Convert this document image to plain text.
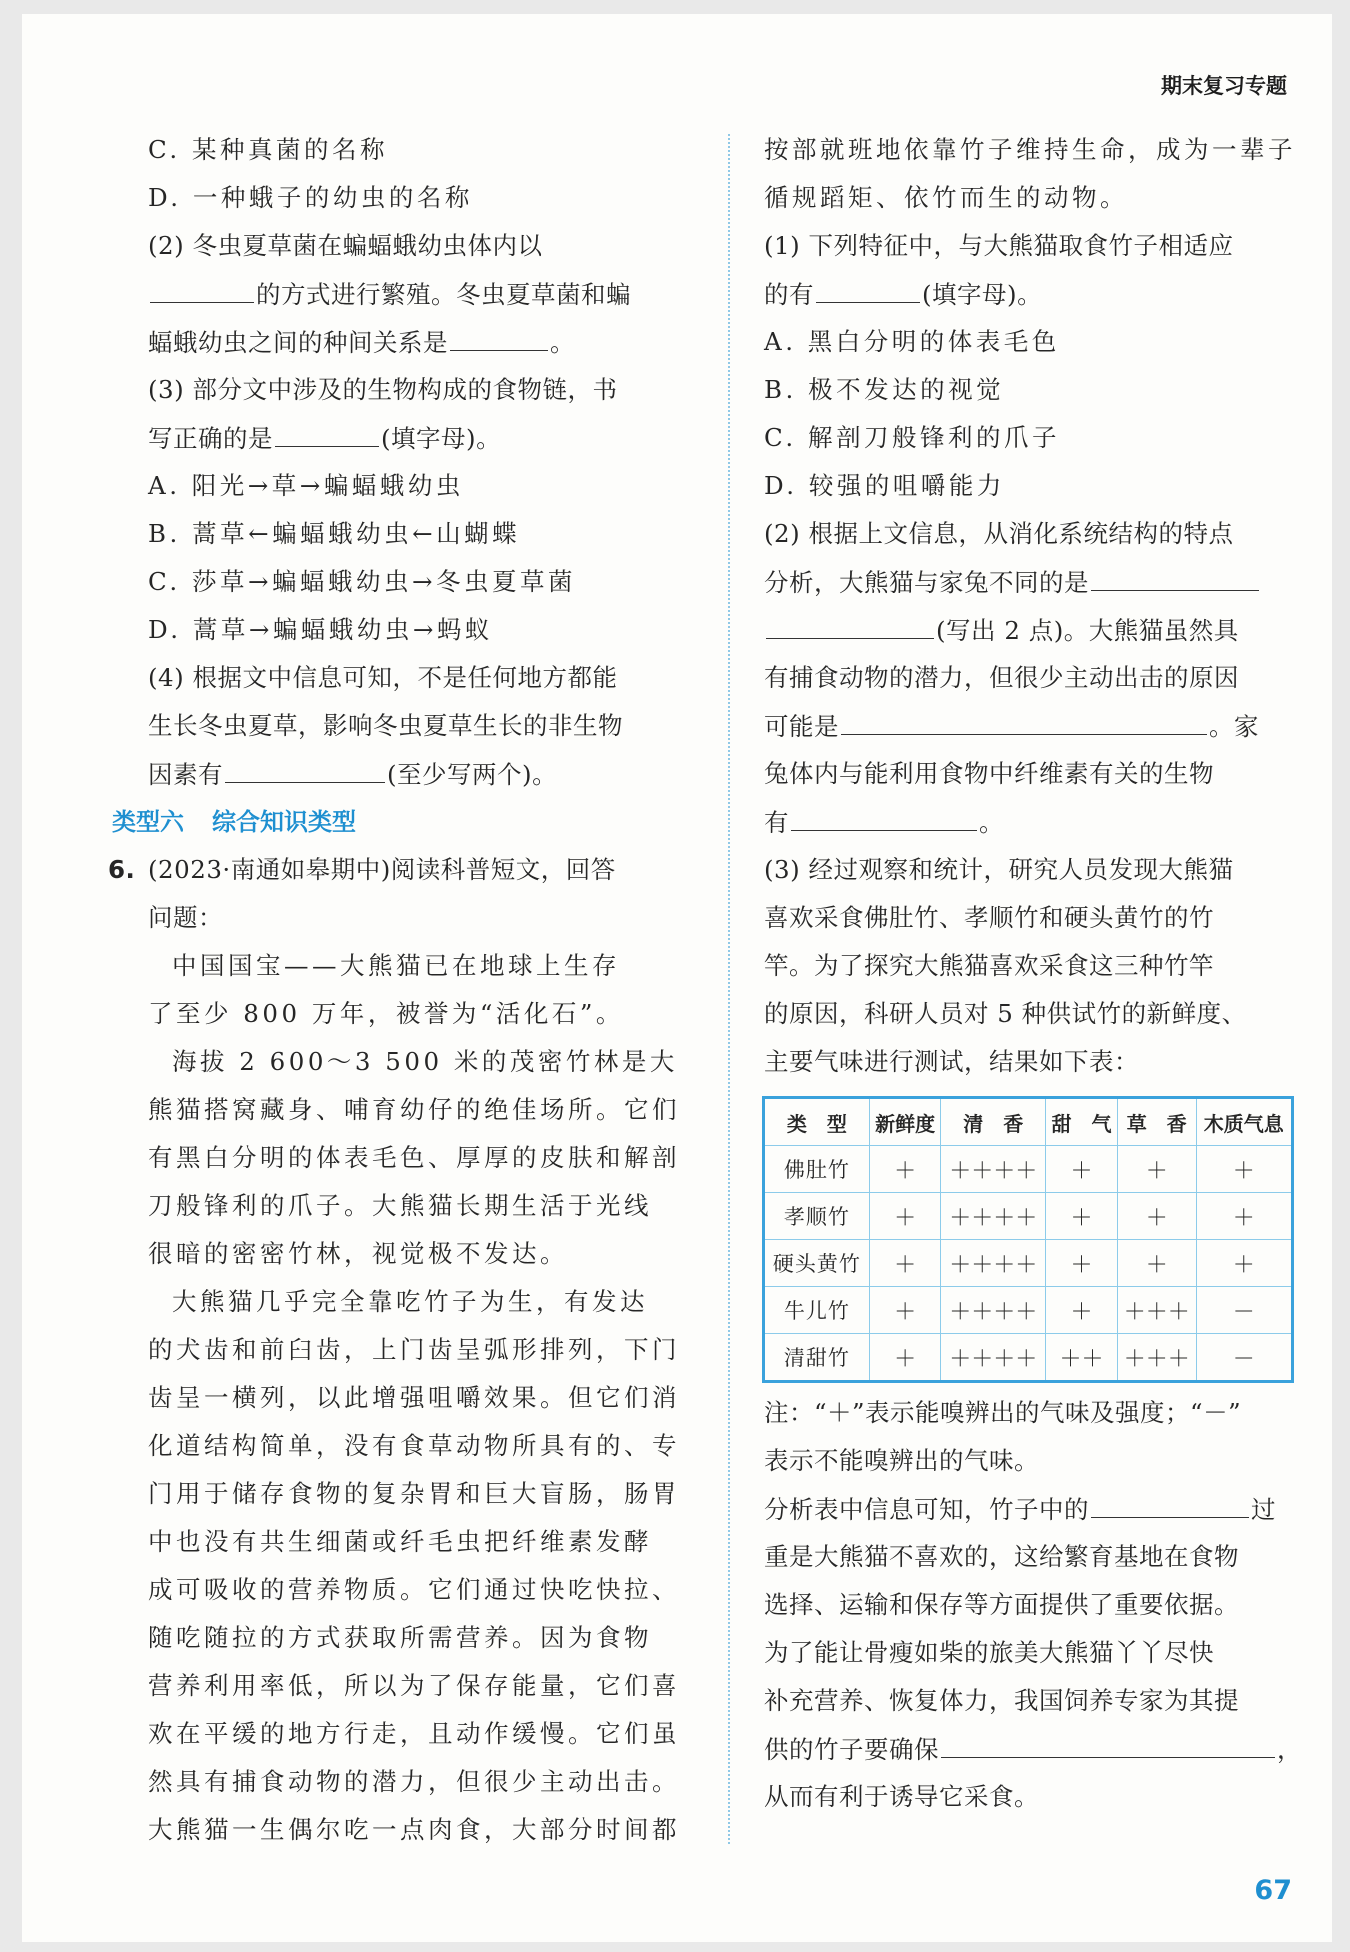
期末复习专题
C. 某种真菌的名称
D. 一种蛾子的幼虫的名称
(2) 冬虫夏草菌在蝙蝠蛾幼虫体内以
的方式进行繁殖。冬虫夏草菌和蝙
蝠蛾幼虫之间的种间关系是	。
(3) 部分文中涉及的生物构成的食物链，书
写正确的是	(填字母)。
A. 阳光→草→蝙蝠蛾幼虫
B. 蒿草←蝙蝠蛾幼虫←山蝴蝶
C. 莎草→蝙蝠蛾幼虫→冬虫夏草菌
D. 蒿草→蝙蝠蛾幼虫→蚂蚁
(4) 根据文中信息可知，不是任何地方都能
生长冬虫夏草，影响冬虫夏草生长的非生物
因素有	(至少写两个)。
类型六 综合知识类型
6. (2023·南通如皋期中)阅读科普短文，回答
问题：
中国国宝——大熊猫已在地球上生存
了至少 800 万年，被誉为“活化石”。
海拔 2 600～3 500 米的茂密竹林是大
熊猫搭窝藏身、哺育幼仔的绝佳场所。它们
有黑白分明的体表毛色、厚厚的皮肤和解剖
刀般锋利的爪子。大熊猫长期生活于光线
很暗的密密竹林，视觉极不发达。
大熊猫几乎完全靠吃竹子为生，有发达
的犬齿和前臼齿，上门齿呈弧形排列，下门
齿呈一横列，以此增强咀嚼效果。但它们消
化道结构简单，没有食草动物所具有的、专
门用于储存食物的复杂胃和巨大盲肠，肠胃
中也没有共生细菌或纤毛虫把纤维素发酵
成可吸收的营养物质。它们通过快吃快拉、
随吃随拉的方式获取所需营养。因为食物
营养利用率低，所以为了保存能量，它们喜
欢在平缓的地方行走，且动作缓慢。它们虽
然具有捕食动物的潜力，但很少主动出击。
大熊猫一生偶尔吃一点肉食，大部分时间都
按部就班地依靠竹子维持生命，成为一辈子
循规蹈矩、依竹而生的动物。
(1) 下列特征中，与大熊猫取食竹子相适应
的有	(填字母)。
A. 黑白分明的体表毛色
B. 极不发达的视觉
C. 解剖刀般锋利的爪子
D. 较强的咀嚼能力
(2) 根据上文信息，从消化系统结构的特点
分析，大熊猫与家兔不同的是
(写出 2 点)。大熊猫虽然具
有捕食动物的潜力，但很少主动出击的原因
可能是	。家
兔体内与能利用食物中纤维素有关的生物
有	。
(3) 经过观察和统计，研究人员发现大熊猫
喜欢采食佛肚竹、孝顺竹和硬头黄竹的竹
竿。为了探究大熊猫喜欢采食这三种竹竿
的原因，科研人员对 5 种供试竹的新鲜度、
主要气味进行测试，结果如下表：
类　型	新鲜度	清　香	甜　气	草　香	木质气息
佛肚竹	＋	＋＋＋＋	＋	＋	＋
孝顺竹	＋	＋＋＋＋	＋	＋	＋
硬头黄竹	＋	＋＋＋＋	＋	＋	＋
牛儿竹	＋	＋＋＋＋	＋	＋＋＋	－
清甜竹	＋	＋＋＋＋	＋＋	＋＋＋	－
注：“＋”表示能嗅辨出的气味及强度；“－”
表示不能嗅辨出的气味。
分析表中信息可知，竹子中的	过
重是大熊猫不喜欢的，这给繁育基地在食物
选择、运输和保存等方面提供了重要依据。
为了能让骨瘦如柴的旅美大熊猫丫丫尽快
补充营养、恢复体力，我国饲养专家为其提
供的竹子要确保	，
从而有利于诱导它采食。
67
